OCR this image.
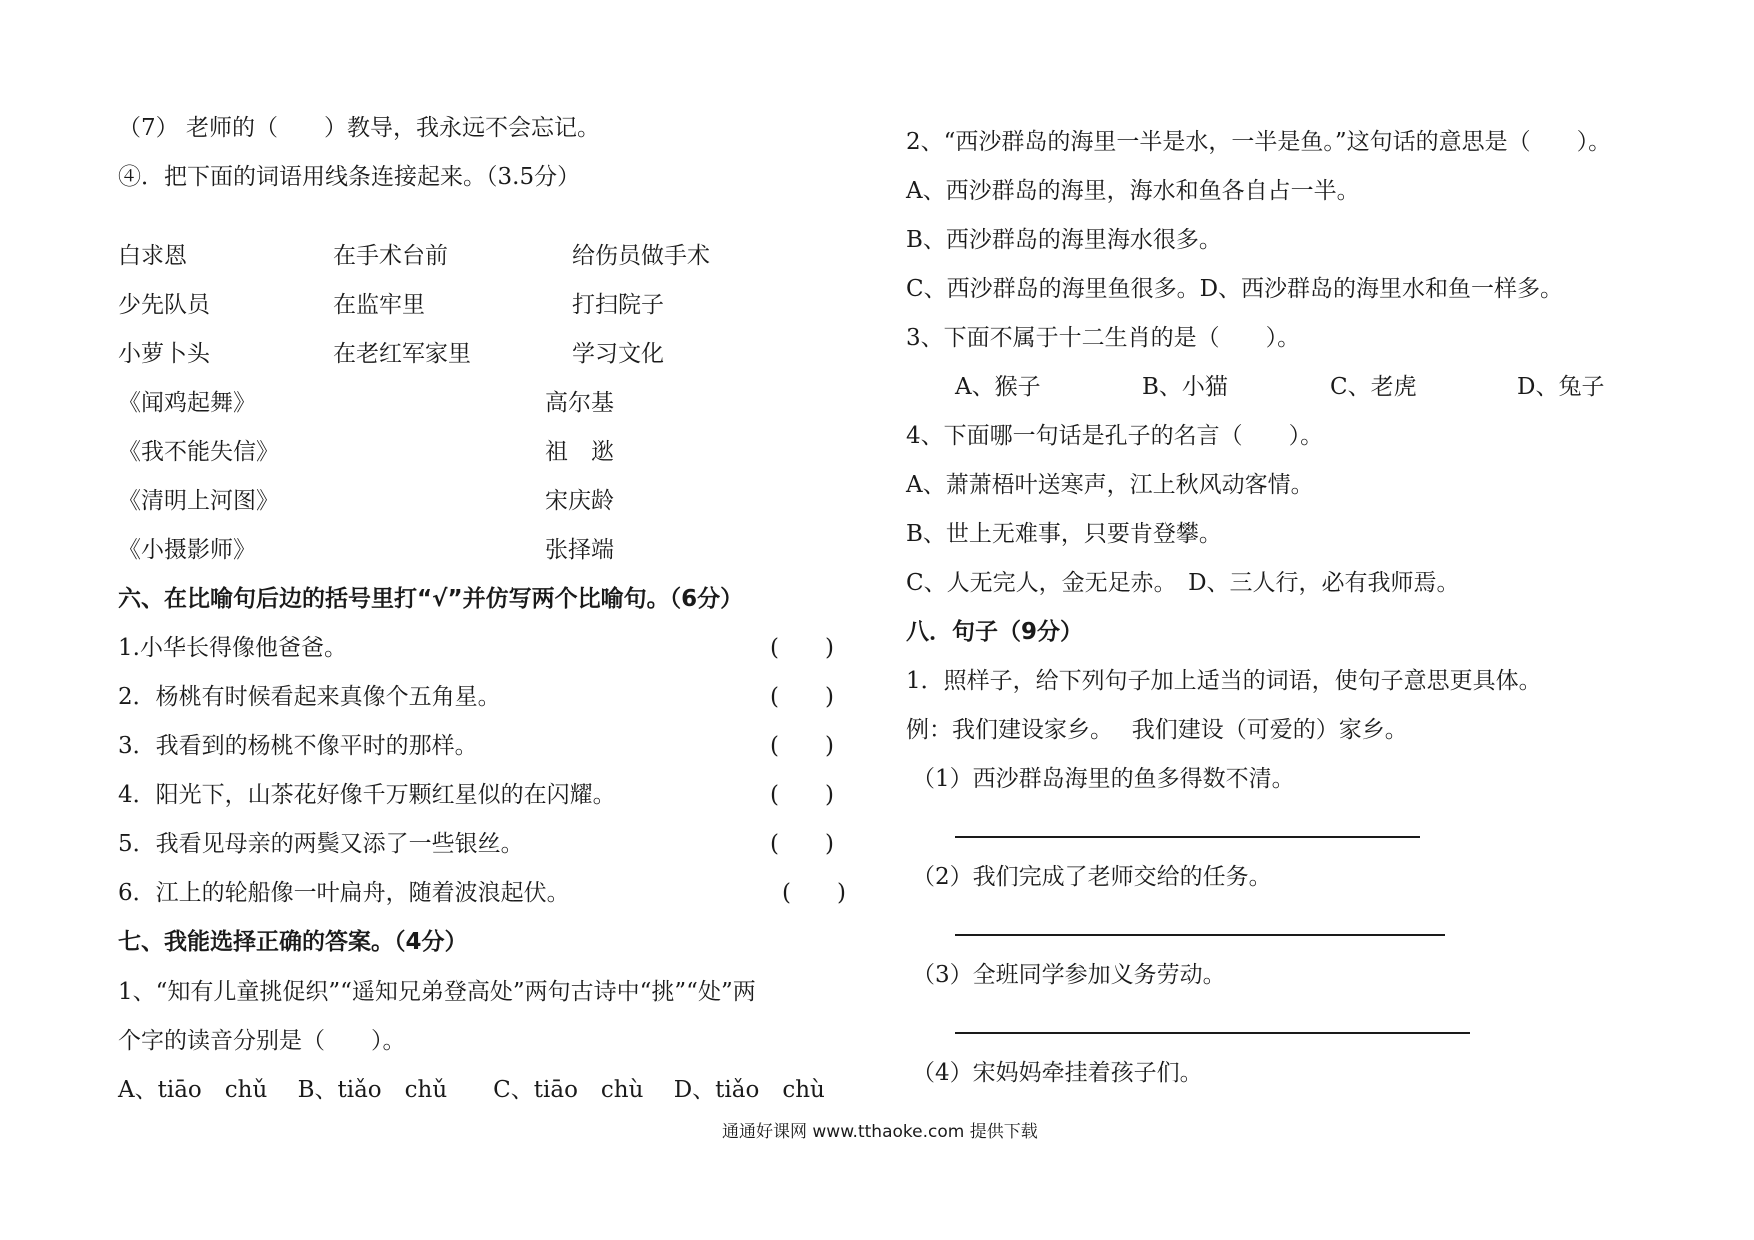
（7） 老师的（　　）教导，我永远不会忘记。
④．把下面的词语用线条连接起来。（3.5分）
白求恩	在手术台前	给伤员做手术
少先队员	在监牢里	打扫院子
小萝卜头	在老红军家里	学习文化
《闻鸡起舞》	高尔基
《我不能失信》	祖　逖
《清明上河图》	宋庆龄
《小摄影师》	张择端
六、在比喻句后边的括号里打“√”并仿写两个比喻句。（6分）
1.小华长得像他爸爸。	(　　)
2．杨桃有时候看起来真像个五角星。	(　　)
3．我看到的杨桃不像平时的那样。	(　　)
4．阳光下，山茶花好像千万颗红星似的在闪耀。	(　　)
5．我看见母亲的两鬓又添了一些银丝。	(　　)
6．江上的轮船像一叶扁舟，随着波浪起伏。	(　　)
七、我能选择正确的答案。（4分）
1、“知有儿童挑促织”“遥知兄弟登高处”两句古诗中“挑”“处”两
个字的读音分别是（　　）。
A、tiāo　chǔ　 B、tiǎo　chǔ　　C、tiāo　chù　 D、tiǎo　chù
2、“西沙群岛的海里一半是水，一半是鱼。”这句话的意思是（　　）。
A、西沙群岛的海里，海水和鱼各自占一半。
B、西沙群岛的海里海水很多。
C、西沙群岛的海里鱼很多。D、西沙群岛的海里水和鱼一样多。
3、下面不属于十二生肖的是（　　）。
A、猴子	B、小猫	C、老虎	D、兔子
4、下面哪一句话是孔子的名言（　　）。
A、萧萧梧叶送寒声，江上秋风动客情。
B、世上无难事，只要肯登攀。
C、人无完人，金无足赤。　D、三人行，必有我师焉。
八．句子（9分）
1．照样子，给下列句子加上适当的词语，使句子意思更具体。
例：我们建设家乡。　 我们建设（可爱的）家乡。
（1）西沙群岛海里的鱼多得数不清。
（2）我们完成了老师交给的任务。
（3）全班同学参加义务劳动。
（4）宋妈妈牵挂着孩子们。
通通好课网 www.tthaoke.com 提供下载
